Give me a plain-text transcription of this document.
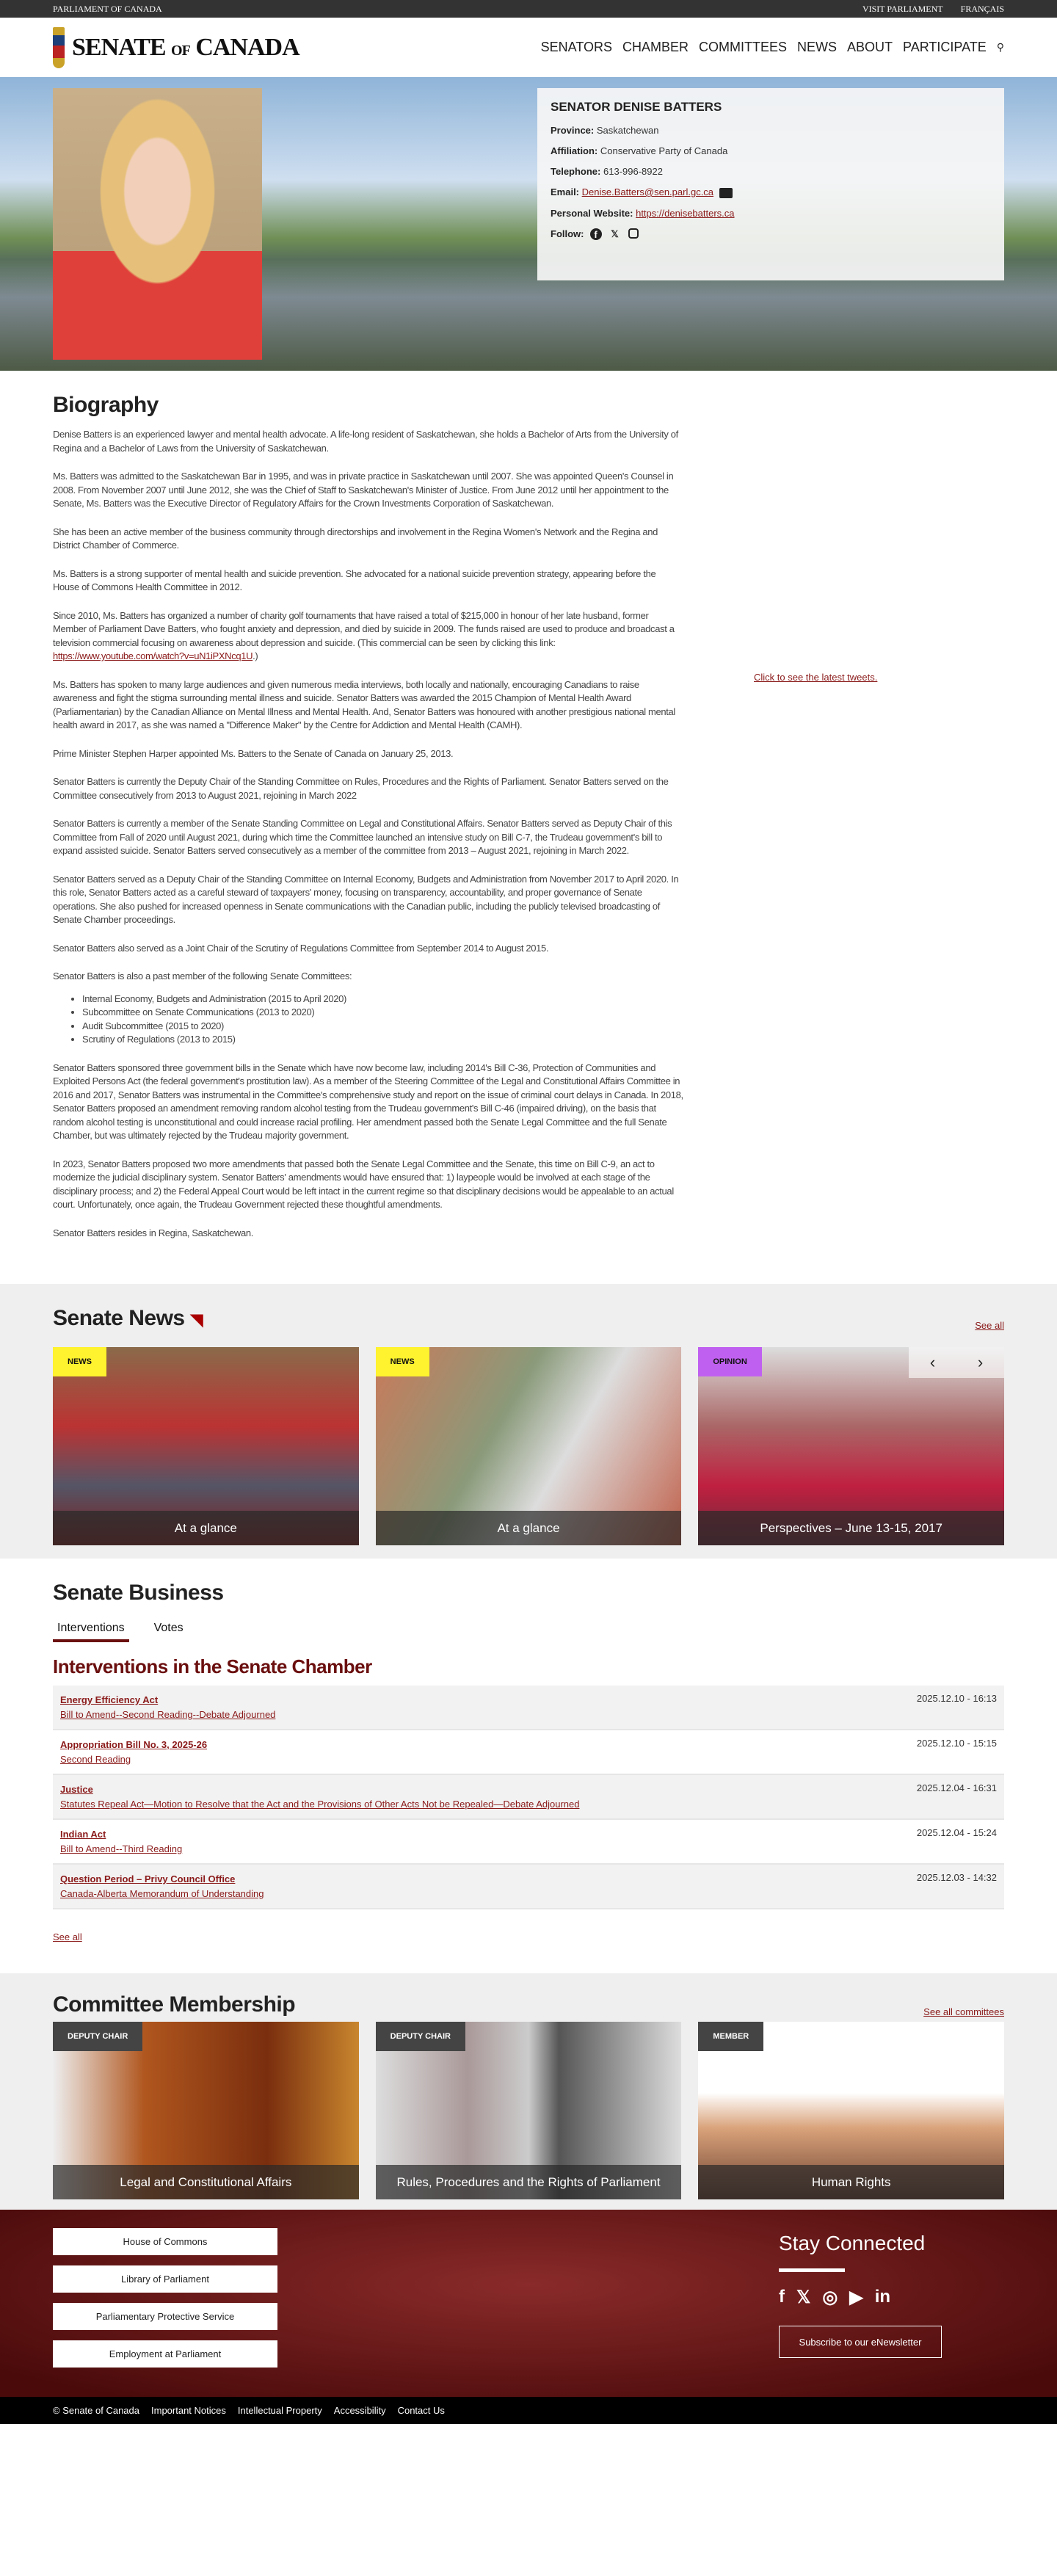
PARLIAMENT OF CANADA	VISIT PARLIAMENT FRANÇAIS
SENATE OF CANADA	SENATORS CHAMBER COMMITTEES NEWS ABOUT PARTICIPATE ⚲
SENATOR DENISE BATTERS

Province: Saskatchewan

Affiliation: Conservative Party of Canada

Telephone: 613-996-8922

Email: Denise.Batters@sen.parl.gc.ca

Personal Website: https://denisebatters.ca

Follow:	f	𝕏

Click to see the latest tweets.
Biography

Denise Batters is an experienced lawyer and mental health advocate. A life-long resident of Saskatchewan, she holds a Bachelor of Arts from the University of Regina and a Bachelor of Laws from the University of Saskatchewan.

Ms. Batters was admitted to the Saskatchewan Bar in 1995, and was in private practice in Saskatchewan until 2007. She was appointed Queen's Counsel in 2008. From November 2007 until June 2012, she was the Chief of Staff to Saskatchewan's Minister of Justice. From June 2012 until her appointment to the Senate, Ms. Batters was the Executive Director of Regulatory Affairs for the Crown Investments Corporation of Saskatchewan.

She has been an active member of the business community through directorships and involvement in the Regina Women's Network and the Regina and District Chamber of Commerce.

Ms. Batters is a strong supporter of mental health and suicide prevention. She advocated for a national suicide prevention strategy, appearing before the House of Commons Health Committee in 2012.

Since 2010, Ms. Batters has organized a number of charity golf tournaments that have raised a total of $215,000 in honour of her late husband, former Member of Parliament Dave Batters, who fought anxiety and depression, and died by suicide in 2009. The funds raised are used to produce and broadcast a television commercial focusing on awareness about depression and suicide. (This commercial can be seen by clicking this link: https://www.youtube.com/watch?v=uN1iPXNcq1U.)

Ms. Batters has spoken to many large audiences and given numerous media interviews, both locally and nationally, encouraging Canadians to raise awareness and fight the stigma surrounding mental illness and suicide. Senator Batters was awarded the 2015 Champion of Mental Health Award (Parliamentarian) by the Canadian Alliance on Mental Illness and Mental Health. And, Senator Batters was honoured with another prestigious national mental health award in 2017, as she was named a "Difference Maker" by the Centre for Addiction and Mental Health (CAMH).

Prime Minister Stephen Harper appointed Ms. Batters to the Senate of Canada on January 25, 2013.

Senator Batters is currently the Deputy Chair of the Standing Committee on Rules, Procedures and the Rights of Parliament. Senator Batters served on the Committee consecutively from 2013 to August 2021, rejoining in March 2022

Senator Batters is currently a member of the Senate Standing Committee on Legal and Constitutional Affairs. Senator Batters served as Deputy Chair of this Committee from Fall of 2020 until August 2021, during which time the Committee launched an intensive study on Bill C-7, the Trudeau government's bill to expand assisted suicide. Senator Batters served consecutively as a member of the committee from 2013 – August 2021, rejoining in March 2022.

Senator Batters served as a Deputy Chair of the Standing Committee on Internal Economy, Budgets and Administration from November 2017 to April 2020. In this role, Senator Batters acted as a careful steward of taxpayers' money, focusing on transparency, accountability, and proper governance of Senate operations. She also pushed for increased openness in Senate communications with the Canadian public, including the publicly televised broadcasting of Senate Chamber proceedings.

Senator Batters also served as a Joint Chair of the Scrutiny of Regulations Committee from September 2014 to August 2015.

Senator Batters is also a past member of the following Senate Committees:

• Internal Economy, Budgets and Administration (2015 to April 2020)
• Subcommittee on Senate Communications (2013 to 2020)
• Audit Subcommittee (2015 to 2020)
• Scrutiny of Regulations (2013 to 2015)

Senator Batters sponsored three government bills in the Senate which have now become law, including 2014's Bill C-36, Protection of Communities and Exploited Persons Act (the federal government's prostitution law). As a member of the Steering Committee of the Legal and Constitutional Affairs Committee in 2016 and 2017, Senator Batters was instrumental in the Committee's comprehensive study and report on the issue of criminal court delays in Canada. In 2018, Senator Batters proposed an amendment removing random alcohol testing from the Trudeau government's Bill C-46 (impaired driving), on the basis that random alcohol testing is unconstitutional and could increase racial profiling. Her amendment passed both the Senate Legal Committee and the full Senate Chamber, but was ultimately rejected by the Trudeau majority government.

In 2023, Senator Batters proposed two more amendments that passed both the Senate Legal Committee and the Senate, this time on Bill C-9, an act to modernize the judicial disciplinary system. Senator Batters' amendments would have ensured that: 1) laypeople would be involved at each stage of the disciplinary process; and 2) the Federal Appeal Court would be left intact in the current regime so that disciplinary decisions would be appealable to an actual court. Unfortunately, once again, the Trudeau Government rejected these thoughtful amendments.

Senator Batters resides in Regina, Saskatchewan.

Senate News ◥	See all
NEWS
At a glance
NEWS
At a glance
OPINION	‹	›
Perspectives – June 13-15, 2017
Senate Business
Interventions	Votes
Interventions in the Senate Chamber
Energy Efficiency Act
Bill to Amend--Second Reading--Debate Adjourned
2025.12.10 - 16:13
Appropriation Bill No. 3, 2025-26
Second Reading
2025.12.10 - 15:15
Justice
Statutes Repeal Act—Motion to Resolve that the Act and the Provisions of Other Acts Not be Repealed—Debate Adjourned
2025.12.04 - 16:31
Indian Act
Bill to Amend--Third Reading
2025.12.04 - 15:24
Question Period – Privy Council Office
Canada-Alberta Memorandum of Understanding
2025.12.03 - 14:32
See all
Committee Membership	See all committees
DEPUTY CHAIR
Legal and Constitutional Affairs
DEPUTY CHAIR
Rules, Procedures and the Rights of Parliament
MEMBER
Human Rights
House of Commons
Library of Parliament
Parliamentary Protective Service
Employment at Parliament
Stay Connected
f 𝕏 ◎ ▶ in
Subscribe to our eNewsletter
© Senate of Canada Important Notices Intellectual Property Accessibility Contact Us
